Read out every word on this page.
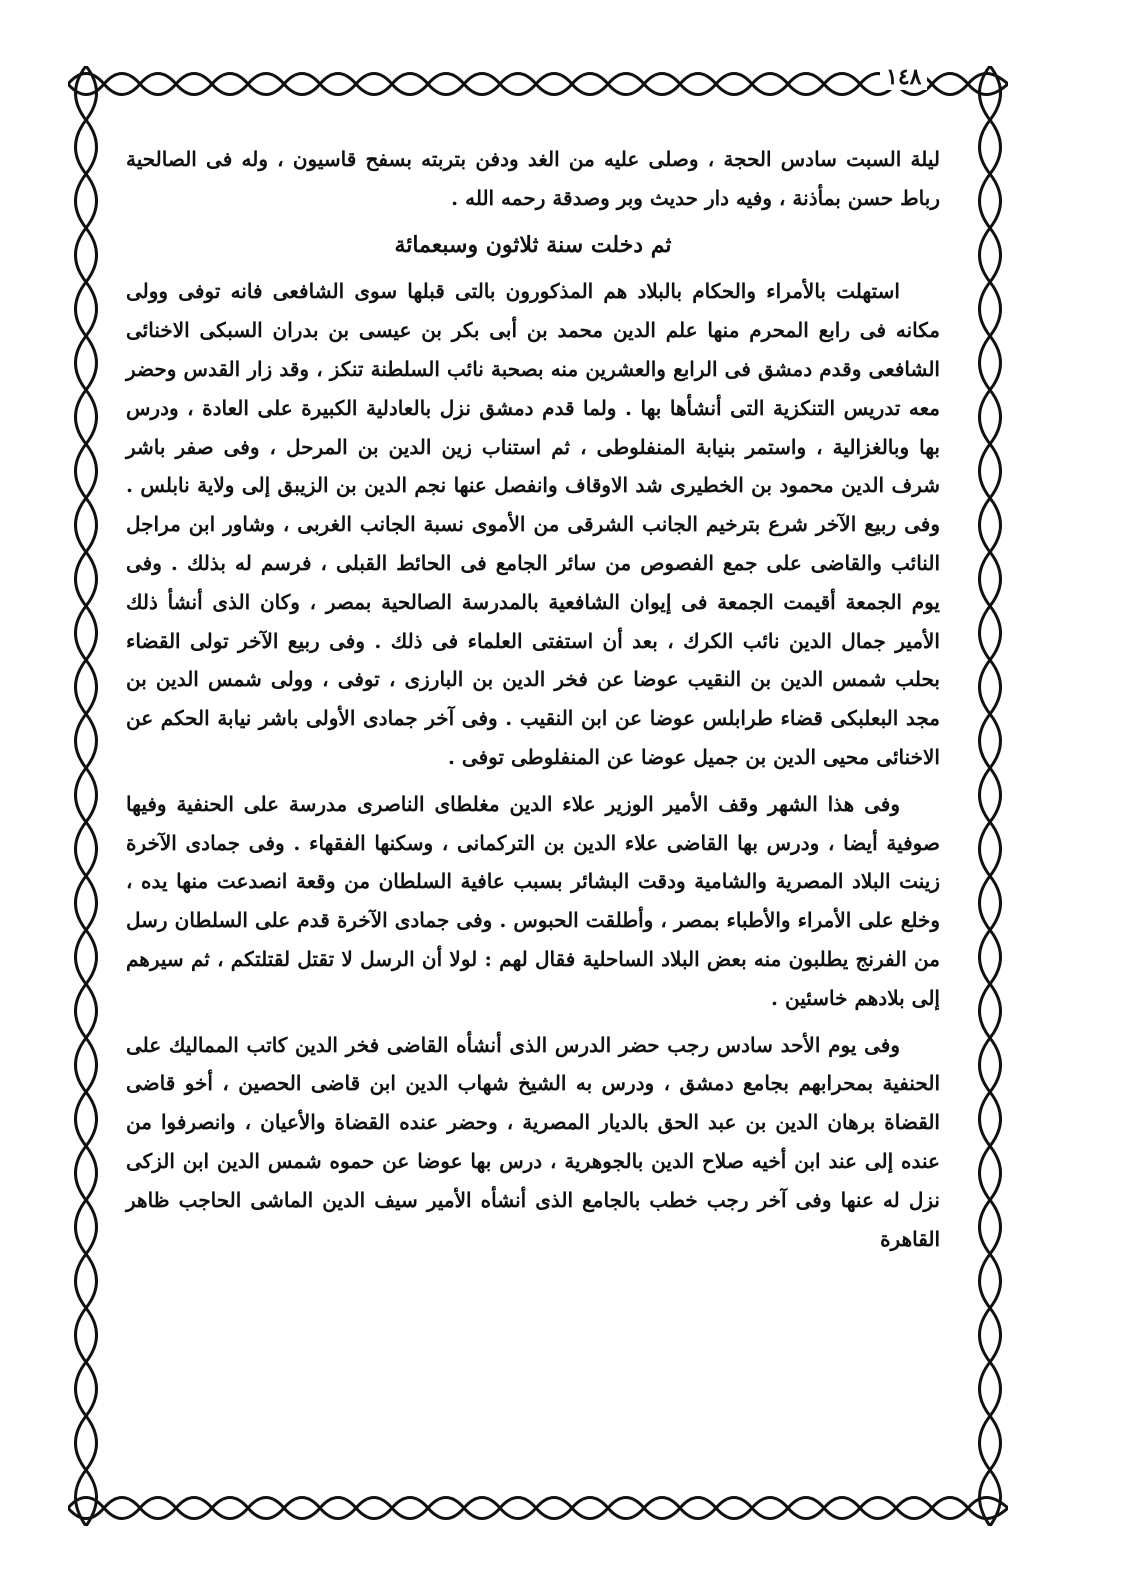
١٤٨

ليلة السبت سادس الحجة ، وصلى عليه من الغد ودفن بتربته بسفح قاسيون ، وله فى الصالحية رباط حسن بمأذنة ، وفيه دار حديث وبر وصدقة رحمه الله .

ثم دخلت سنة ثلاثون وسبعمائة

استهلت بالأمراء والحكام بالبلاد هم المذكورون بالتى قبلها سوى الشافعى فانه توفى وولى مكانه فى رابع المحرم منها علم الدين محمد بن أبى بكر بن عيسى بن بدران السبكى الاخنائى الشافعى وقدم دمشق فى الرابع والعشرين منه بصحبة نائب السلطنة تنكز ، وقد زار القدس وحضر معه تدريس التنكزية التى أنشأها بها . ولما قدم دمشق نزل بالعادلية الكبيرة على العادة ، ودرس بها وبالغزالية ، واستمر بنيابة المنفلوطى ، ثم استناب زين الدين بن المرحل ، وفى صفر باشر شرف الدين محمود بن الخطيرى شد الاوقاف وانفصل عنها نجم الدين بن الزيبق إلى ولاية نابلس . وفى ربيع الآخر شرع بترخيم الجانب الشرقى من الأموى نسبة الجانب الغربى ، وشاور ابن مراجل النائب والقاضى على جمع الفصوص من سائر الجامع فى الحائط القبلى ، فرسم له بذلك . وفى يوم الجمعة أقيمت الجمعة فى إيوان الشافعية بالمدرسة الصالحية بمصر ، وكان الذى أنشأ ذلك الأمير جمال الدين نائب الكرك ، بعد أن استفتى العلماء فى ذلك . وفى ربيع الآخر تولى القضاء بحلب شمس الدين بن النقيب عوضا عن فخر الدين بن البارزى ، توفى ، وولى شمس الدين بن مجد البعلبكى قضاء طرابلس عوضا عن ابن النقيب . وفى آخر جمادى الأولى باشر نيابة الحكم عن الاخنائى محيى الدين بن جميل عوضا عن المنفلوطى توفى .

وفى هذا الشهر وقف الأمير الوزير علاء الدين مغلطاى الناصرى مدرسة على الحنفية وفيها صوفية أيضا ، ودرس بها القاضى علاء الدين بن التركمانى ، وسكنها الفقهاء . وفى جمادى الآخرة زينت البلاد المصرية والشامية ودقت البشائر بسبب عافية السلطان من وقعة انصدعت منها يده ، وخلع على الأمراء والأطباء بمصر ، وأطلقت الحبوس . وفى جمادى الآخرة قدم على السلطان رسل من الفرنج يطلبون منه بعض البلاد الساحلية فقال لهم : لولا أن الرسل لا تقتل لقتلتكم ، ثم سيرهم إلى بلادهم خاسئين .

وفى يوم الأحد سادس رجب حضر الدرس الذى أنشأه القاضى فخر الدين كاتب المماليك على الحنفية بمحرابهم بجامع دمشق ، ودرس به الشيخ شهاب الدين ابن قاضى الحصين ، أخو قاضى القضاة برهان الدين بن عبد الحق بالديار المصرية ، وحضر عنده القضاة والأعيان ، وانصرفوا من عنده إلى عند ابن أخيه صلاح الدين بالجوهرية ، درس بها عوضا عن حموه شمس الدين ابن الزكى نزل له عنها وفى آخر رجب خطب بالجامع الذى أنشأه الأمير سيف الدين الماشى الحاجب ظاهر القاهرة
